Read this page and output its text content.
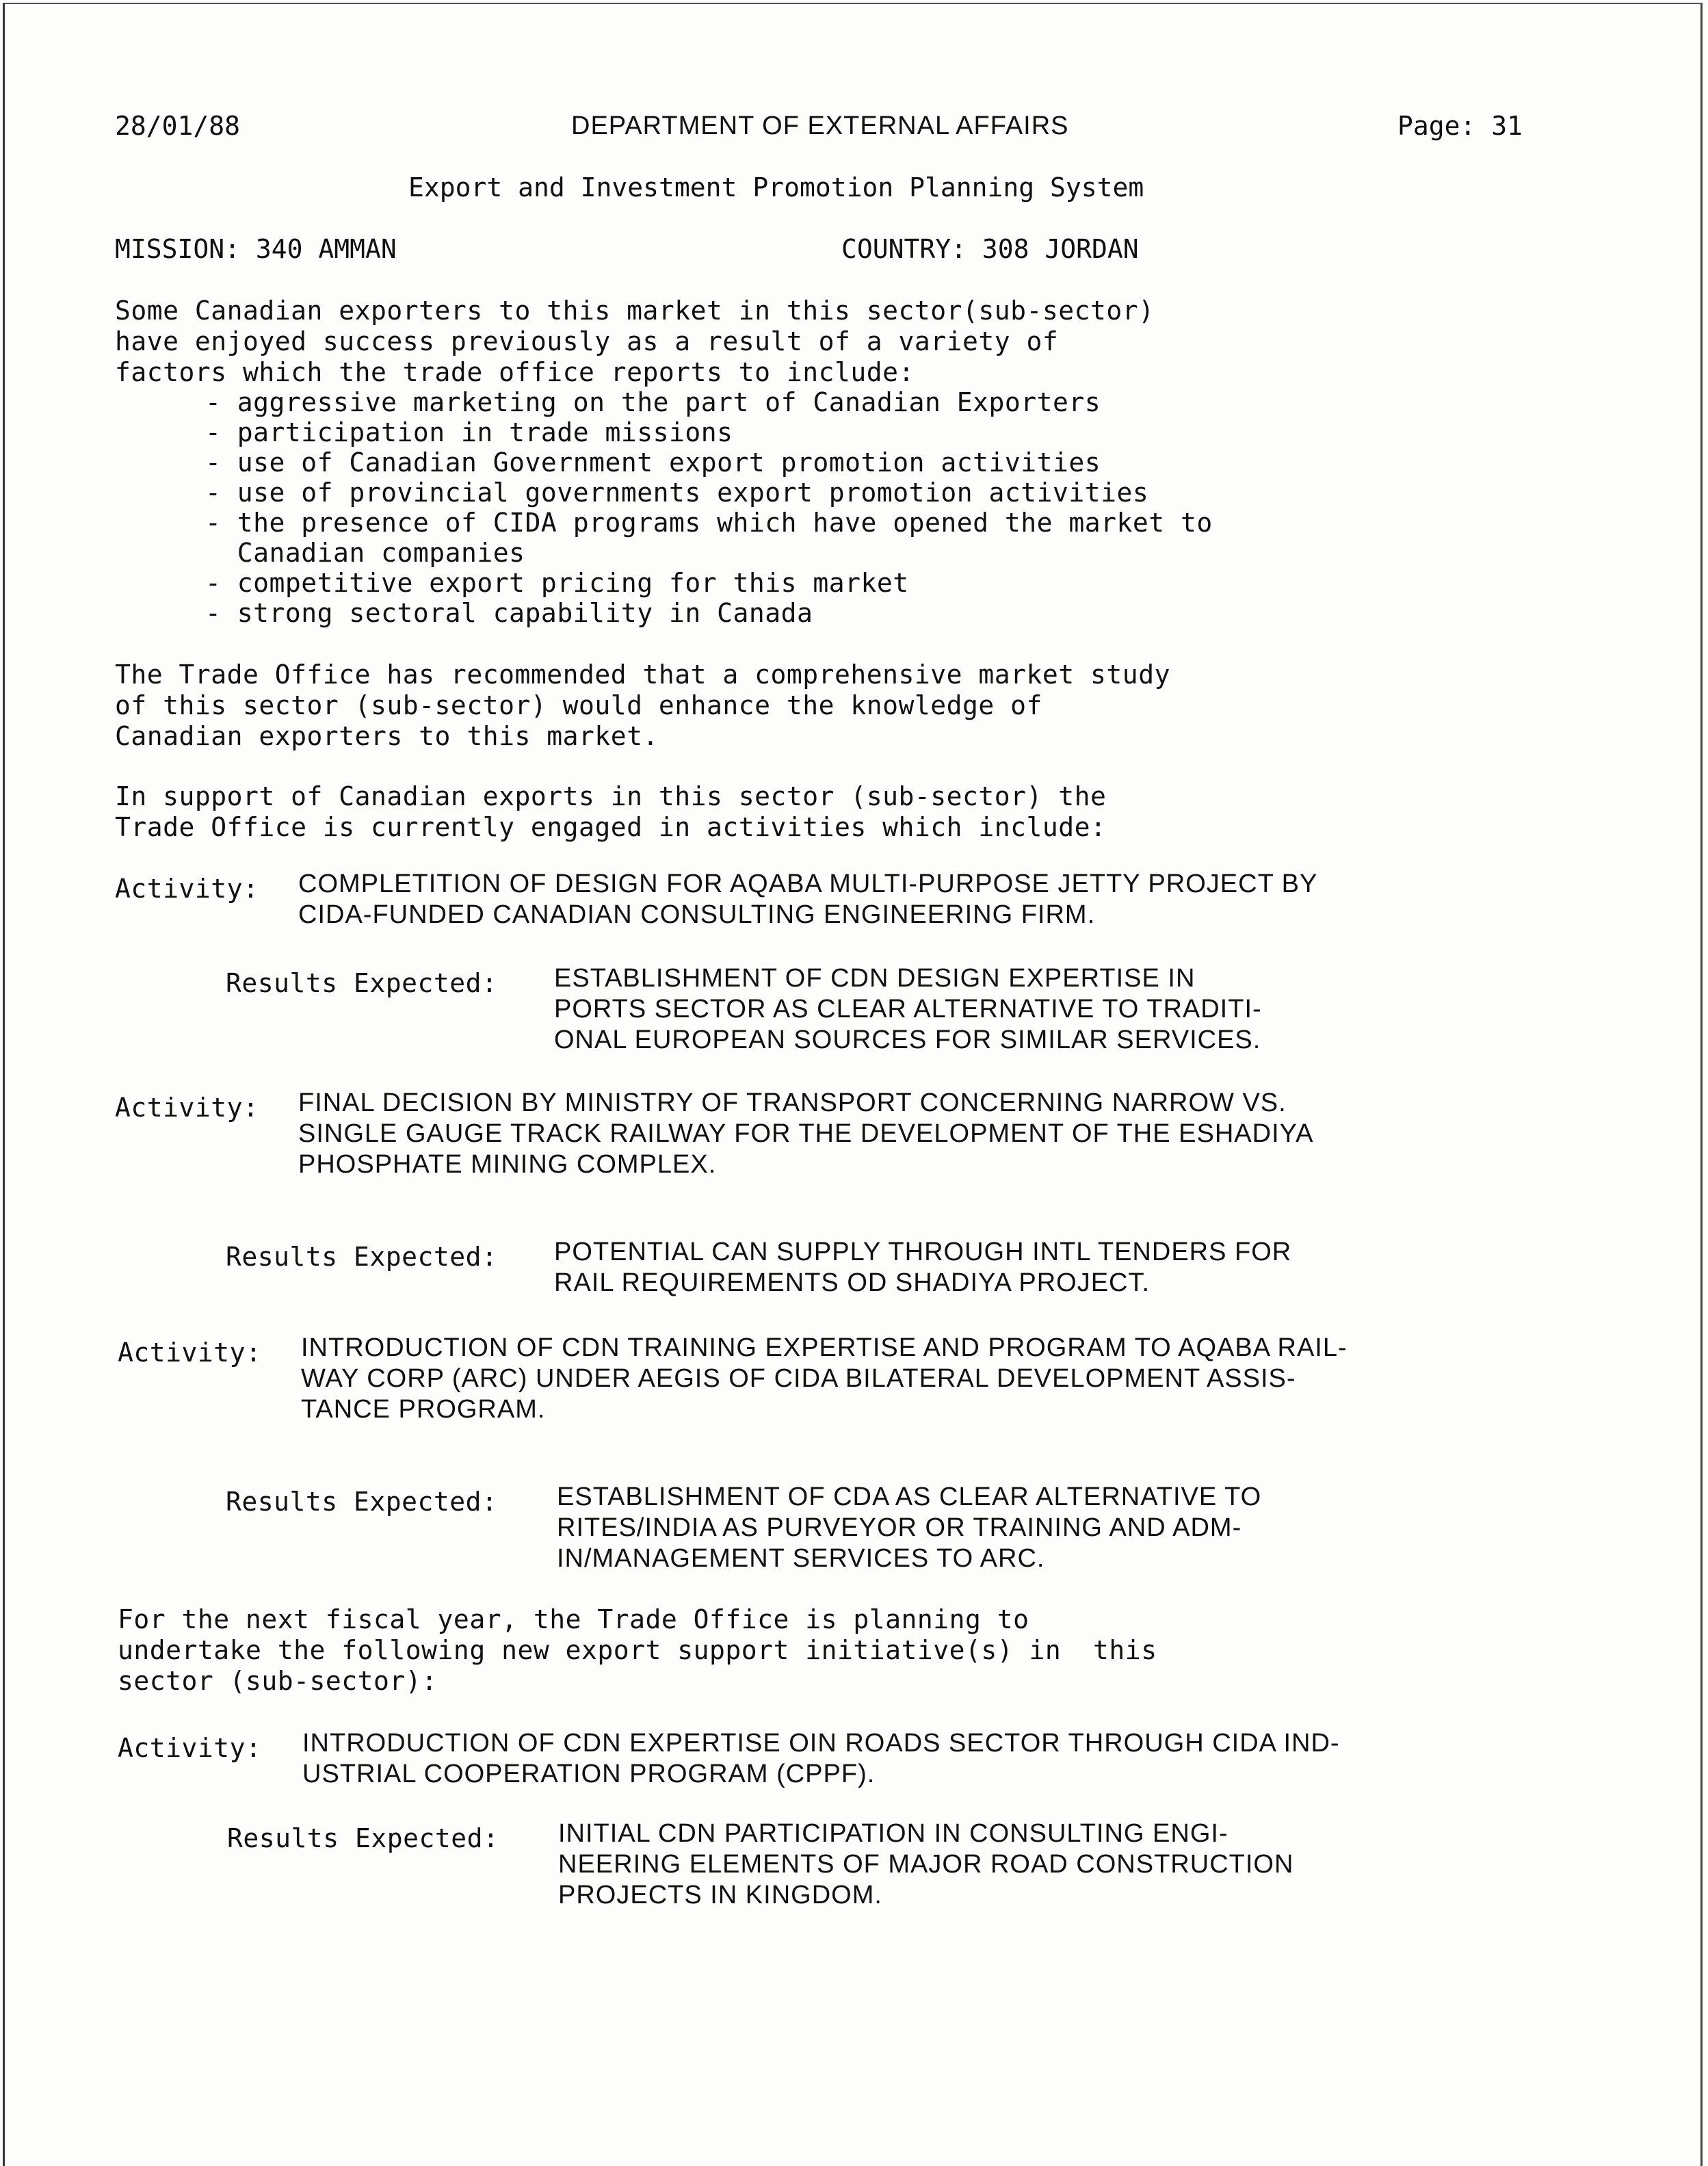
28/01/88	DEPARTMENT OF EXTERNAL AFFAIRS	Page: 31
Export and Investment Promotion Planning System
MISSION: 340 AMMAN	COUNTRY: 308 JORDAN
Some Canadian exporters to this market in this sector(sub-sector)
have enjoyed success previously as a result of a variety of
factors which the trade office reports to include:
- aggressive marketing on the part of Canadian Exporters
- participation in trade missions
- use of Canadian Government export promotion activities
- use of provincial governments export promotion activities
- the presence of CIDA programs which have opened the market to
Canadian companies
- competitive export pricing for this market
- strong sectoral capability in Canada
The Trade Office has recommended that a comprehensive market study
of this sector (sub-sector) would enhance the knowledge of
Canadian exporters to this market.
In support of Canadian exports in this sector (sub-sector) the
Trade Office is currently engaged in activities which include:
Activity: COMPLETITION OF DESIGN FOR AQABA MULTI-PURPOSE JETTY PROJECT BY
CIDA-FUNDED CANADIAN CONSULTING ENGINEERING FIRM.
Results Expected: ESTABLISHMENT OF CDN DESIGN EXPERTISE IN
PORTS SECTOR AS CLEAR ALTERNATIVE TO TRADITI-
ONAL EUROPEAN SOURCES FOR SIMILAR SERVICES.
Activity: FINAL DECISION BY MINISTRY OF TRANSPORT CONCERNING NARROW VS.
SINGLE GAUGE TRACK RAILWAY FOR THE DEVELOPMENT OF THE ESHADIYA
PHOSPHATE MINING COMPLEX.
Results Expected: POTENTIAL CAN SUPPLY THROUGH INTL TENDERS FOR
RAIL REQUIREMENTS OD SHADIYA PROJECT.
Activity: INTRODUCTION OF CDN TRAINING EXPERTISE AND PROGRAM TO AQABA RAIL-
WAY CORP (ARC) UNDER AEGIS OF CIDA BILATERAL DEVELOPMENT ASSIS-
TANCE PROGRAM.
Results Expected: ESTABLISHMENT OF CDA AS CLEAR ALTERNATIVE TO
RITES/INDIA AS PURVEYOR OR TRAINING AND ADM-
IN/MANAGEMENT SERVICES TO ARC.
For the next fiscal year, the Trade Office is planning to
undertake the following new export support initiative(s) in  this
sector (sub-sector):
Activity: INTRODUCTION OF CDN EXPERTISE OIN ROADS SECTOR THROUGH CIDA IND-
USTRIAL COOPERATION PROGRAM (CPPF).
Results Expected: INITIAL CDN PARTICIPATION IN CONSULTING ENGI-
NEERING ELEMENTS OF MAJOR ROAD CONSTRUCTION
PROJECTS IN KINGDOM.
